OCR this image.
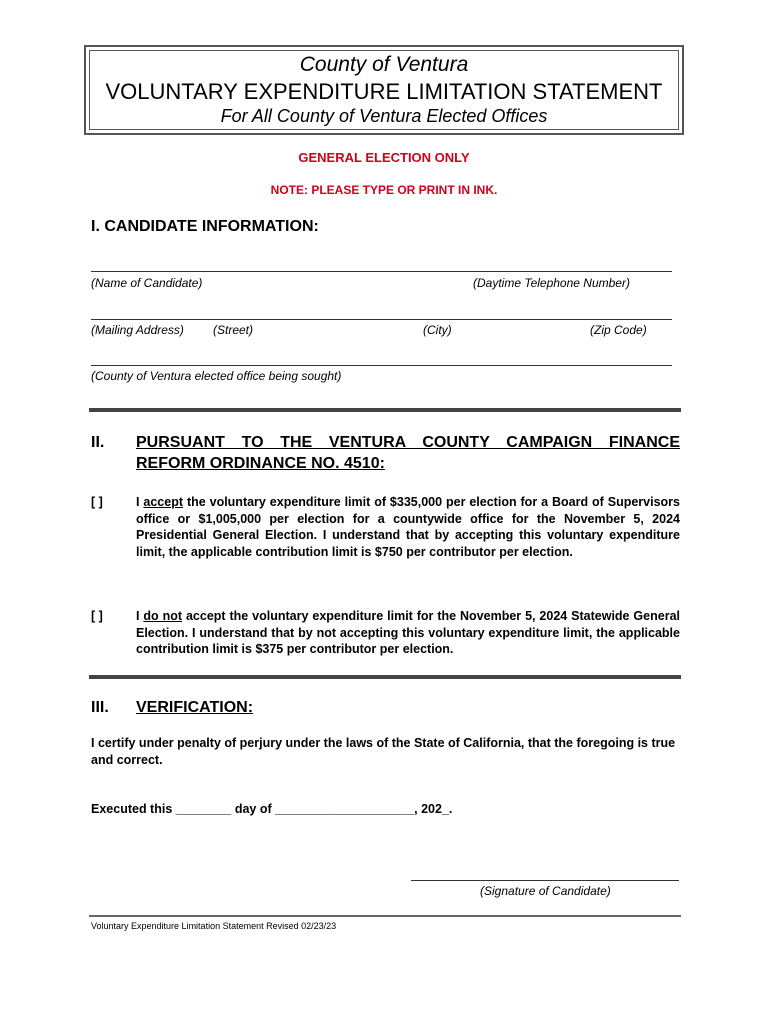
County of Ventura
VOLUNTARY EXPENDITURE LIMITATION STATEMENT
For All County of Ventura Elected Offices
GENERAL ELECTION ONLY
NOTE: PLEASE TYPE OR PRINT IN INK.
I. CANDIDATE INFORMATION:
(Name of Candidate)	(Daytime Telephone Number)
(Mailing Address) (Street)	(City)	(Zip Code)
(County of Ventura elected office being sought)
II. PURSUANT TO THE VENTURA COUNTY CAMPAIGN FINANCE
REFORM ORDINANCE NO. 4510:
[ ]	I accept the voluntary expenditure limit of $335,000 per election for a Board of Supervisors office or $1,005,000 per election for a countywide office for the November 5, 2024 Presidential General Election. I understand that by accepting this voluntary expenditure limit, the applicable contribution limit is $750 per contributor per election.
[ ]	I do not accept the voluntary expenditure limit for the November 5, 2024 Statewide General Election. I understand that by not accepting this voluntary expenditure limit, the applicable contribution limit is $375 per contributor per election.
III. VERIFICATION:
I certify under penalty of perjury under the laws of the State of California, that the foregoing is true and correct.
Executed this ________ day of ____________________, 202_.
(Signature of Candidate)
Voluntary Expenditure Limitation Statement Revised 02/23/23
